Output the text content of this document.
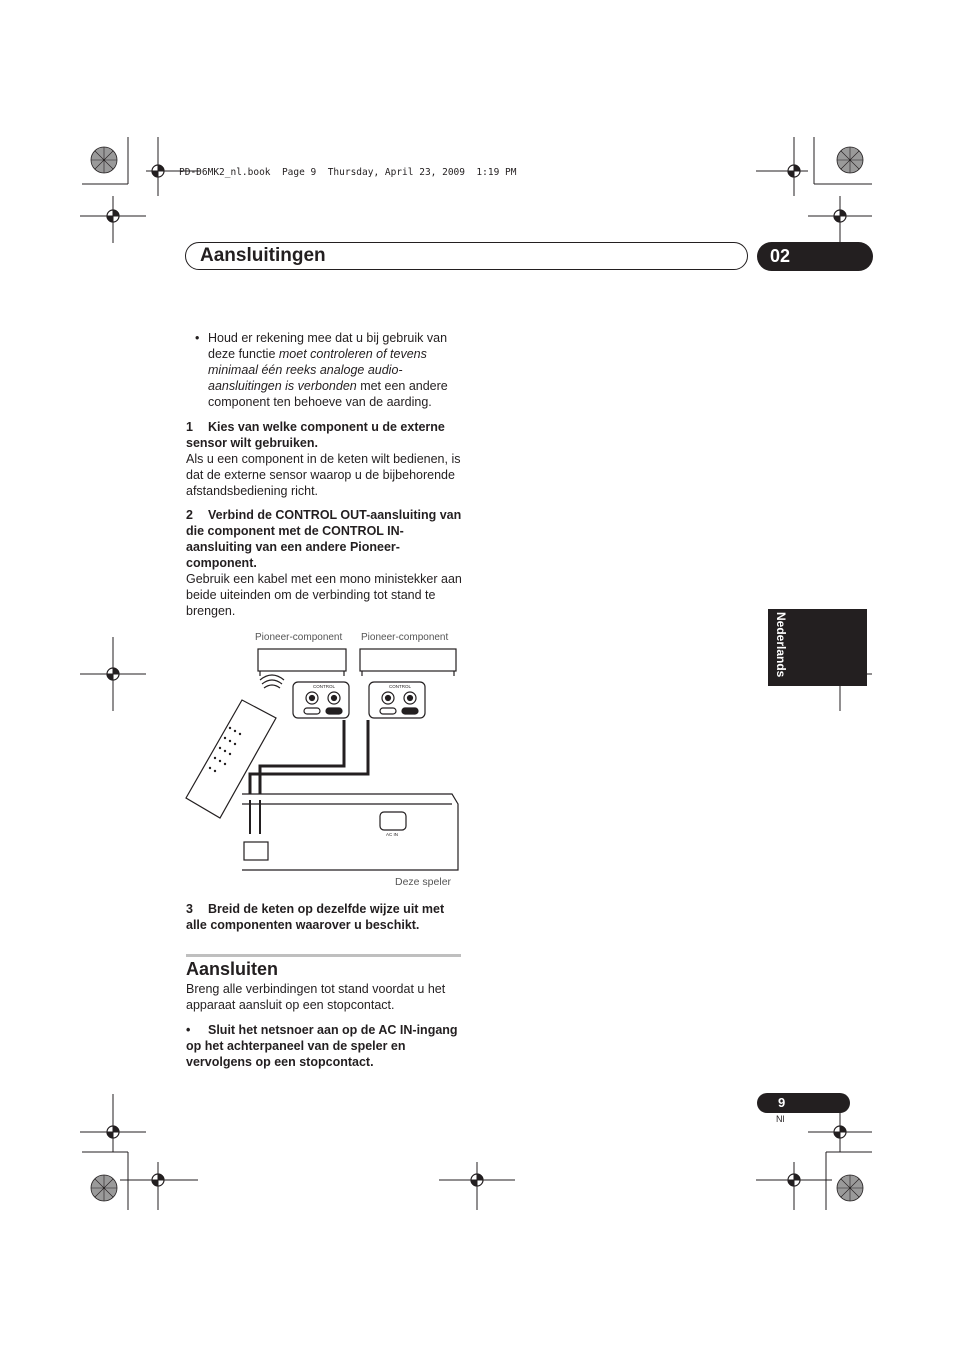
PD-D6MK2_nl.book  Page 9  Thursday, April 23, 2009  1:19 PM
Aansluitingen	02
• Houd er rekening mee dat u bij gebruik van deze functie moet controleren of tevens minimaal één reeks analoge audio-aansluitingen is verbonden met een andere component ten behoeve van de aarding.
1 Kies van welke component u de externe sensor wilt gebruiken.
Als u een component in de keten wilt bedienen, is dat de externe sensor waarop u de bijbehorende afstandsbediening richt.
2 Verbind de CONTROL OUT-aansluiting van die component met de CONTROL IN-aansluiting van een andere Pioneer-component.
Gebruik een kabel met een mono ministekker aan beide uiteinden om de verbinding tot stand te brengen.
Pioneer-component Pioneer-component
Deze speler
CONTROL	CONTROL
AC IN
3 Breid de keten op dezelfde wijze uit met alle componenten waarover u beschikt.
Aansluiten
Breng alle verbindingen tot stand voordat u het apparaat aansluit op een stopcontact.
• Sluit het netsnoer aan op de AC IN-ingang op het achterpaneel van de speler en vervolgens op een stopcontact.
Nederlands
9
Nl
